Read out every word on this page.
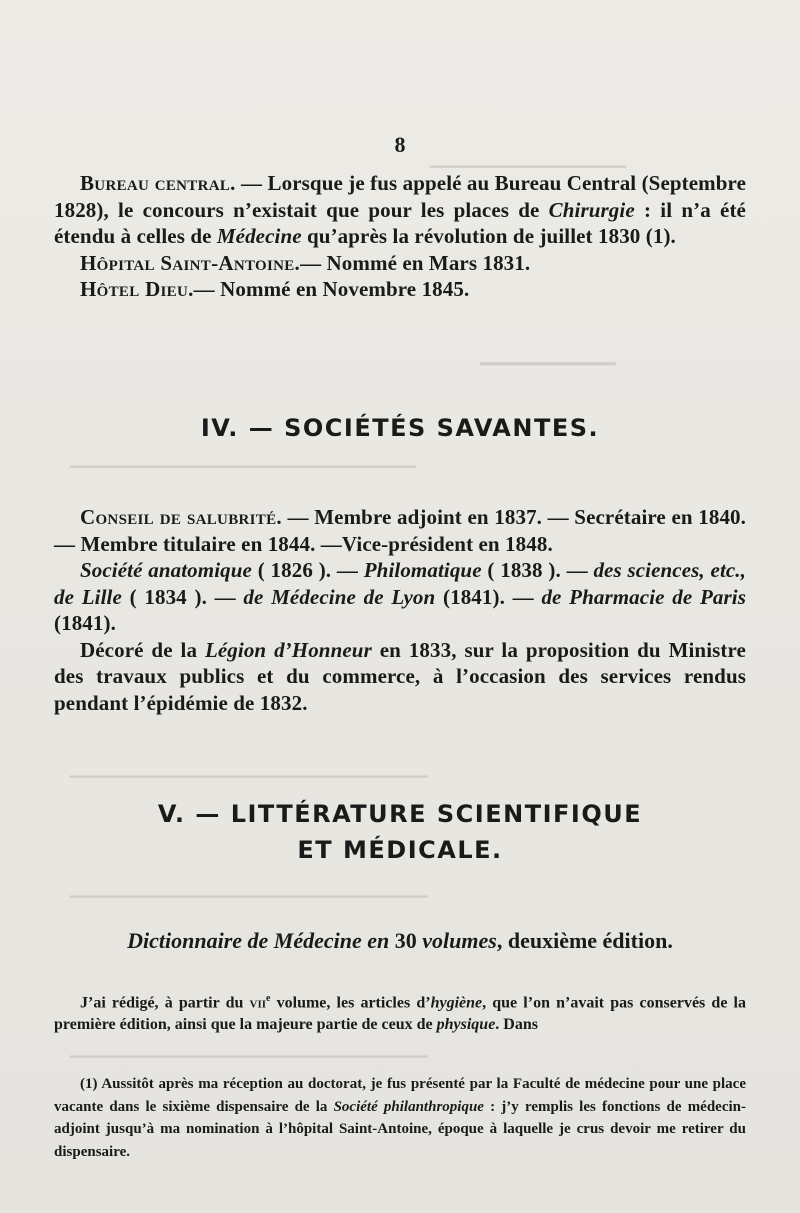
▁▁▁▁▁▁▁▁▁▁▁▁▁▁▁▁▁
▁▁▁▁▁▁▁▁
▁▁▁▁▁▁▁▁▁▁▁▁▁▁▁▁▁▁▁▁▁▁▁▁▁▁▁▁▁▁
▁▁▁▁▁▁▁▁▁▁▁▁▁▁▁▁▁▁▁▁▁▁▁▁▁▁▁▁▁▁▁
▁▁▁▁▁▁▁▁▁▁▁▁▁▁▁▁▁▁▁▁▁▁▁▁▁▁▁▁▁▁▁
▁▁▁▁▁▁▁▁▁▁▁▁▁▁▁▁▁▁▁▁▁▁▁▁▁▁▁▁▁▁▁
8

Bureau central. — Lorsque je fus appelé au Bureau Central (Septembre 1828), le concours n’existait que pour les places de Chirurgie : il n’a été étendu à celles de Médecine qu’après la révolution de juillet 1830 (1).

Hôpital Saint-Antoine.— Nommé en Mars 1831.

Hôtel Dieu.— Nommé en Novembre 1845.

IV. — SOCIÉTÉS SAVANTES.

Conseil de salubrité. — Membre adjoint en 1837. — Secrétaire en 1840.— Membre titulaire en 1844. —Vice-président en 1848.

Société anatomique ( 1826 ). — Philomatique ( 1838 ). — des sciences, etc., de Lille ( 1834 ). — de Médecine de Lyon (1841). — de Pharmacie de Paris (1841).

Décoré de la Légion d’Honneur en 1833, sur la proposition du Ministre des travaux publics et du commerce, à l’occasion des services rendus pendant l’épidémie de 1832.

V. — LITTÉRATURE SCIENTIFIQUE
ET MÉDICALE.
Dictionnaire de Médecine en 30 volumes, deuxième édition.

J’ai rédigé, à partir du vii$^e$ volume, les articles d’hygiène, que l’on n’avait pas conservés de la première édition, ainsi que la majeure partie de ceux de physique. Dans

(1) Aussitôt après ma réception au doctorat, je fus présenté par la Faculté de médecine pour une place vacante dans le sixième dispensaire de la Société philanthropique : j’y remplis les fonctions de médecin-adjoint jusqu’à ma nomination à l’hôpital Saint-Antoine, époque à laquelle je crus devoir me retirer du dispensaire.
